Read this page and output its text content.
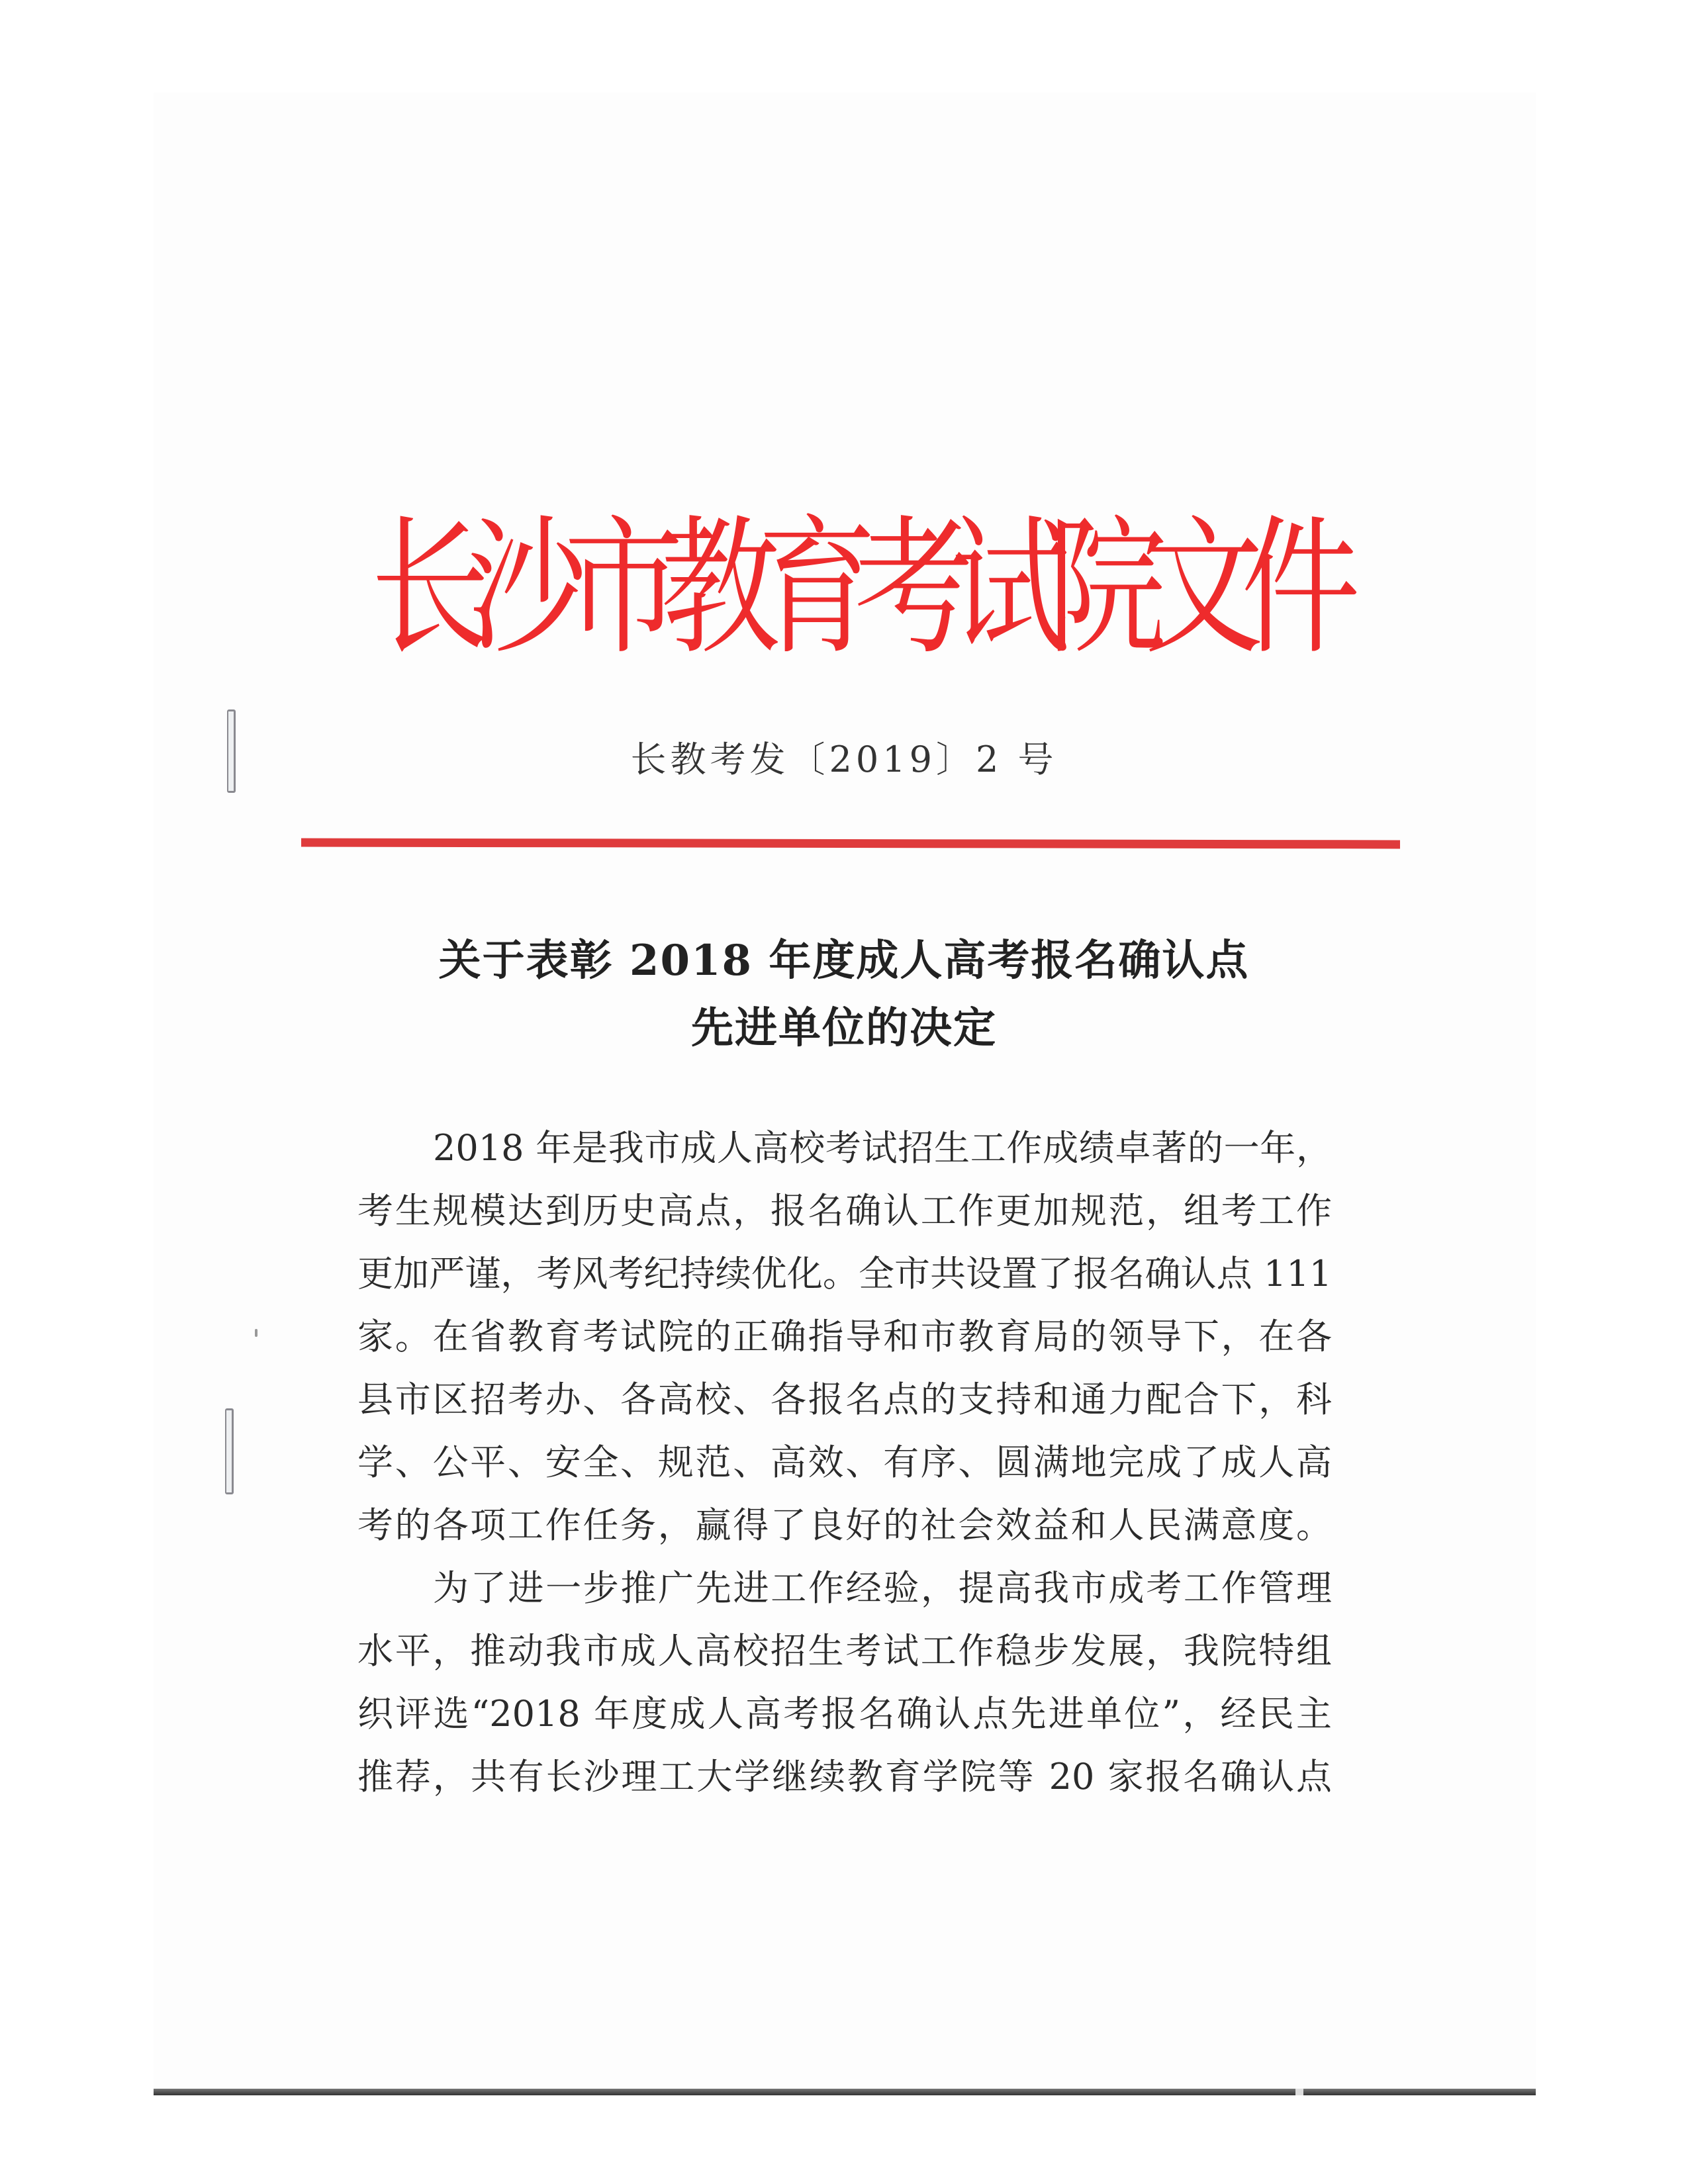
长
沙
市
教
育
考
试
院
文
件
长教考发〔2019〕2 号
关于表彰 2018 年度成人高考报名确认点
先进单位的决定
2018 年是我市成人高校考试招生工作成绩卓著的一年，
考生规模达到历史高点，报名确认工作更加规范，组考工作
更加严谨，考风考纪持续优化。全市共设置了报名确认点 111
家。在省教育考试院的正确指导和市教育局的领导下，在各
县市区招考办、各高校、各报名点的支持和通力配合下，科
学、公平、安全、规范、高效、有序、圆满地完成了成人高
考的各项工作任务，赢得了良好的社会效益和人民满意度。
为了进一步推广先进工作经验，提高我市成考工作管理
水平，推动我市成人高校招生考试工作稳步发展，我院特组
织评选“2018 年度成人高考报名确认点先进单位”，经民主
推荐，共有长沙理工大学继续教育学院等 20 家报名确认点
